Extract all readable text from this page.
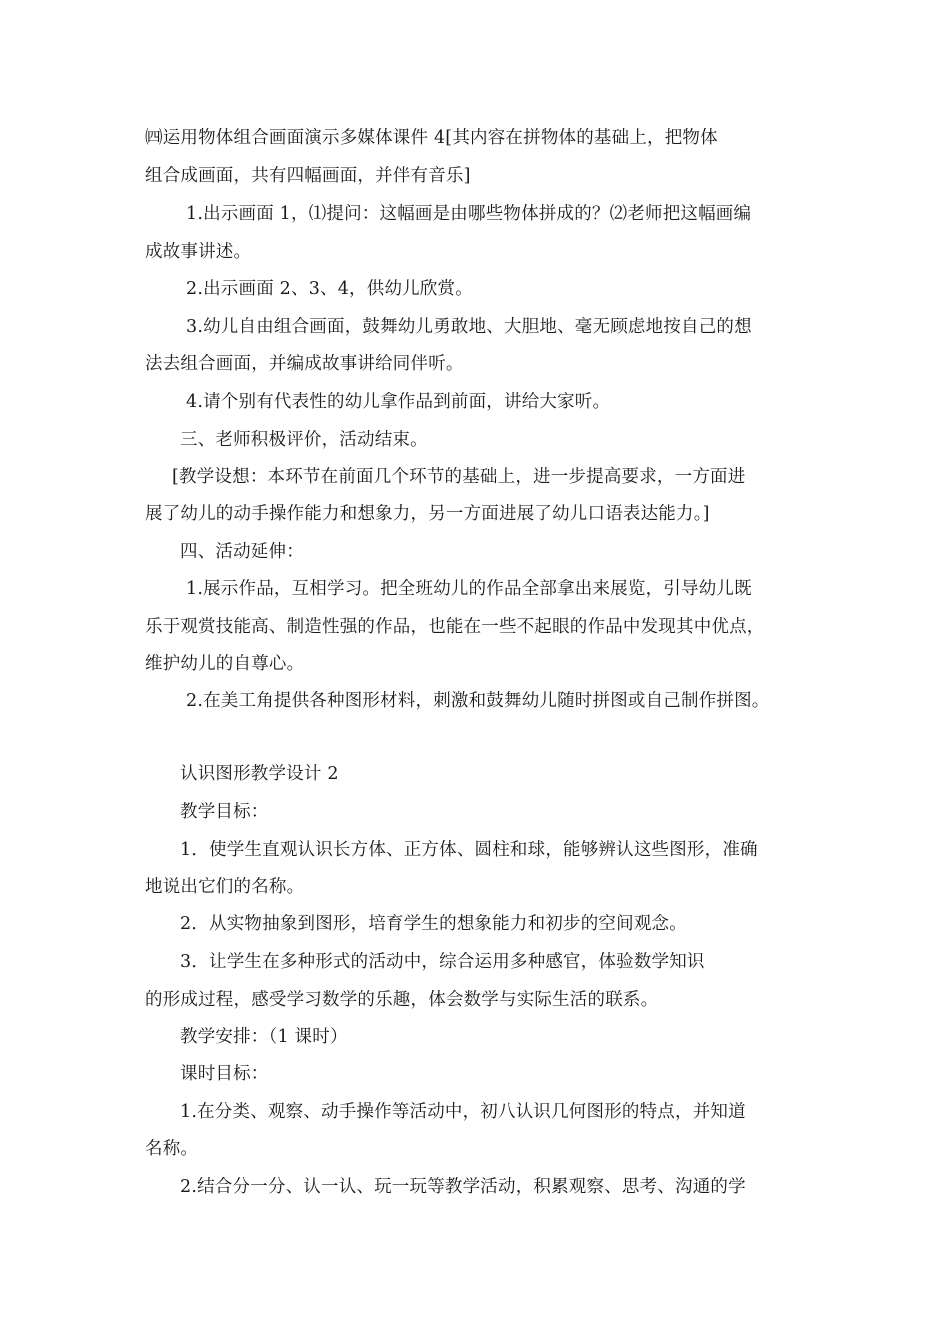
㈣运用物体组合画面演示多媒体课件 4[其内容在拼物体的基础上，把物体
组合成画面，共有四幅画面，并伴有音乐]
1.出示画面 1，⑴提问：这幅画是由哪些物体拼成的？⑵老师把这幅画编
成故事讲述。
2.出示画面 2、3、4，供幼儿欣赏。
3.幼儿自由组合画面，鼓舞幼儿勇敢地、大胆地、毫无顾虑地按自己的想
法去组合画面，并编成故事讲给同伴听。
4.请个别有代表性的幼儿拿作品到前面，讲给大家听。
三、老师积极评价，活动结束。
[教学设想：本环节在前面几个环节的基础上，进一步提高要求，一方面进
展了幼儿的动手操作能力和想象力，另一方面进展了幼儿口语表达能力。]
四、活动延伸：
1.展示作品，互相学习。把全班幼儿的作品全部拿出来展览，引导幼儿既
乐于观赏技能高、制造性强的作品，也能在一些不起眼的作品中发现其中优点，
维护幼儿的自尊心。
2.在美工角提供各种图形材料，刺激和鼓舞幼儿随时拼图或自己制作拼图。
认识图形教学设计 2
教学目标：
1．使学生直观认识长方体、正方体、圆柱和球，能够辨认这些图形，准确
地说出它们的名称。
2．从实物抽象到图形，培育学生的想象能力和初步的空间观念。
3．让学生在多种形式的活动中，综合运用多种感官，体验数学知识
的形成过程，感受学习数学的乐趣，体会数学与实际生活的联系。
教学安排：（1 课时）
课时目标：
1.在分类、观察、动手操作等活动中，初八认识几何图形的特点，并知道
名称。
2.结合分一分、认一认、玩一玩等教学活动，积累观察、思考、沟通的学
